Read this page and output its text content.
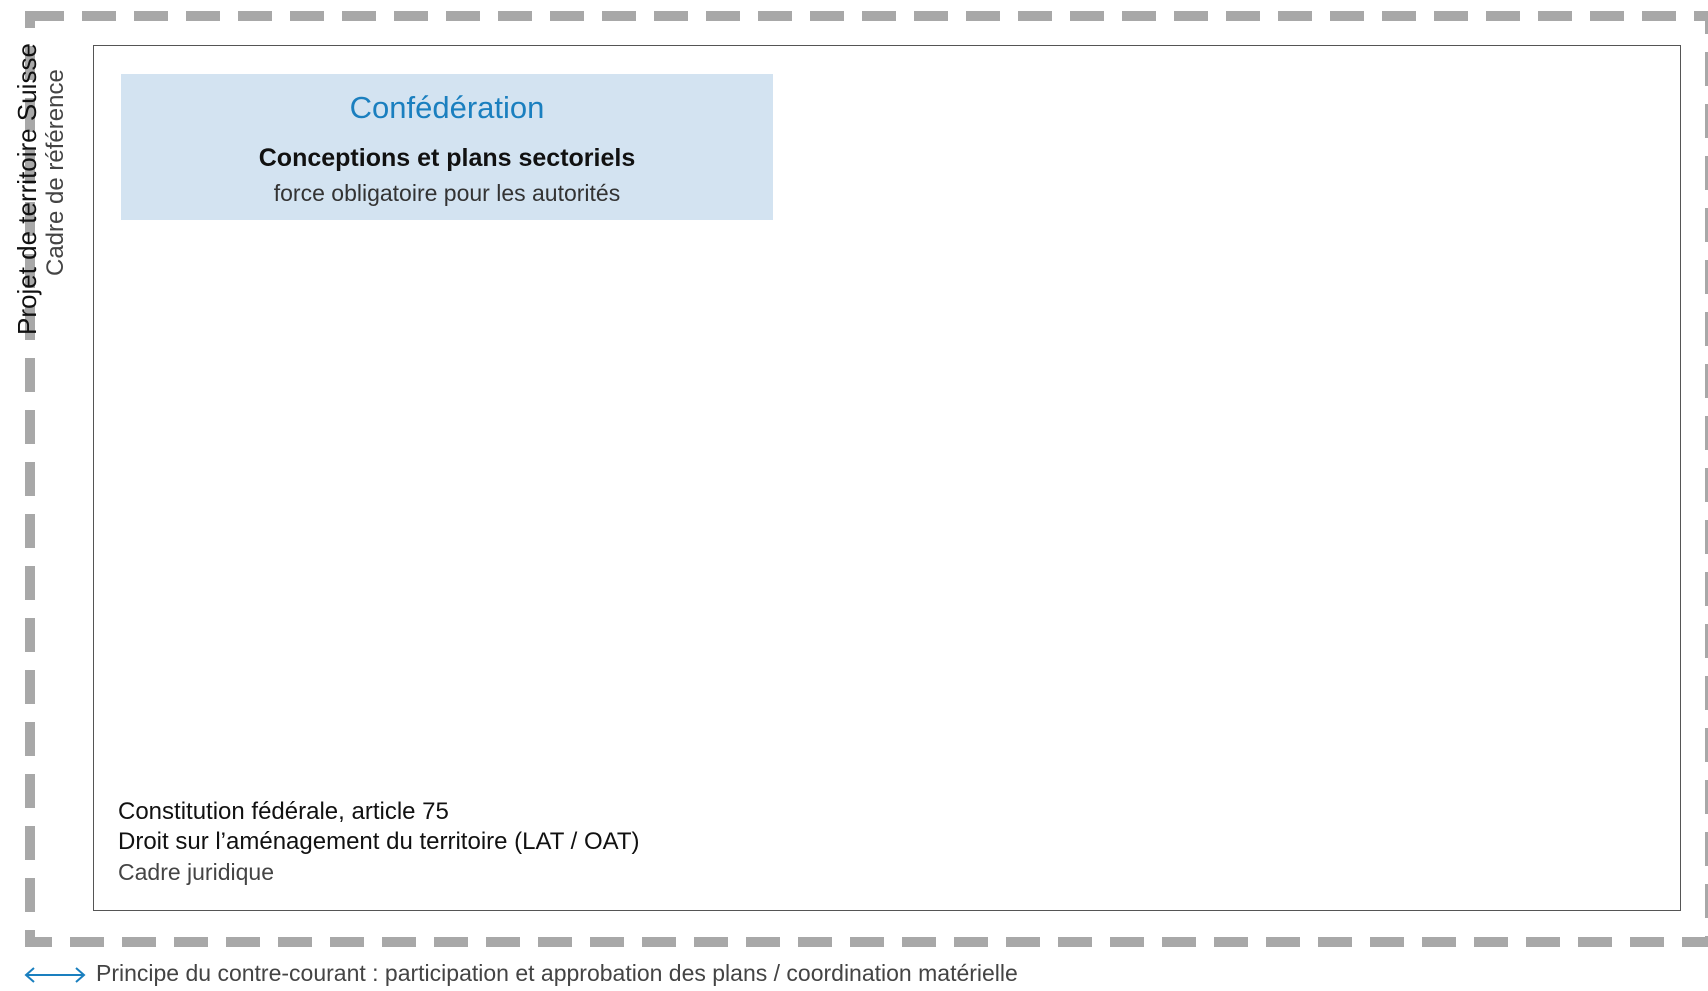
Projet de territoire Suisse Cadre de référence	Confédération
Conceptions et plans sectoriels
force obligatoire pour les autorités
Constitution fédérale, article 75
Droit sur l’aménagement du territoire (LAT / OAT)
Cadre juridique
Principe du contre-courant : participation et approbation des plans / coordination matérielle
